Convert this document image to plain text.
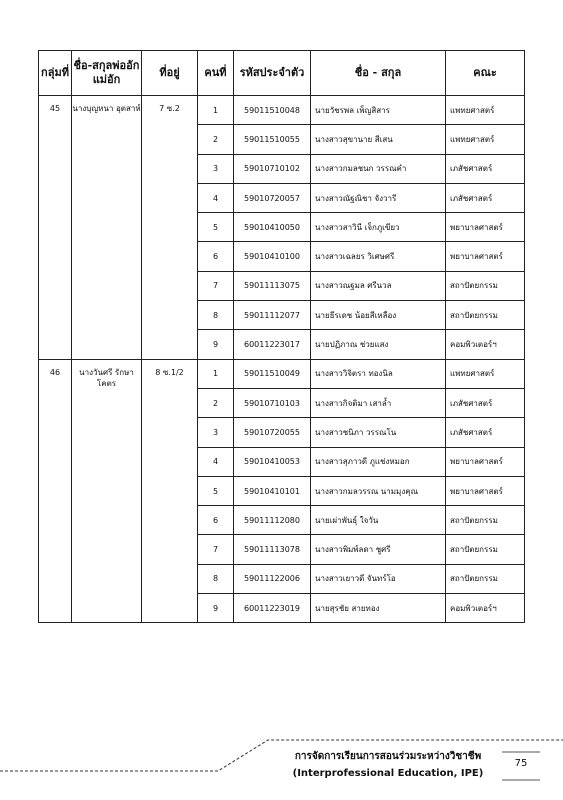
กลุ่มที่	ชื่อ-สกุลพ่ออักแม่อัก	ที่อยู่	คนที่	รหัสประจำตัว	ชื่อ - สกุล	คณะ
45	นางบุญหนา อุตสาห์	7 ซ.2	1	59011510048	นายวัชรพล เพ็ญสิสาร	แพทยศาสตร์
			2	59011510055	นางสาวสุขานาย สีเสน	แพทยศาสตร์
			3	59010710102	นางสาวกมลชนก วรรณคำ	เภสัชศาสตร์
			4	59010720057	นางสาวณัฐณิชา จังวารี	เภสัชศาสตร์
			5	59010410050	นางสาวสาวินี เจ็กภูเขียว	พยาบาลศาสตร์
			6	59010410100	นางสาวเฉลยร วิเศษศรี	พยาบาลศาสตร์
			7	59011113075	นางสาวณฐมล ศรีนวล	สถาปัตยกรรม
			8	59011112077	นายธีรเดช น้อยสีเหลือง	สถาปัตยกรรม
			9	60011223017	นายปฏิภาณ ช่วยแสง	คอมพิวเตอร์ฯ
46	นางวันศรี รักษาโคตร	8 ซ.1/2	1	59011510049	นางสาววิจิตรา ทองนิล	แพทยศาสตร์
			2	59010710103	นางสาวกิจติมา เสาล้ำ	เภสัชศาสตร์
			3	59010720055	นางสาวชนิภา วรรณโน	เภสัชศาสตร์
			4	59010410053	นางสาวสุภาวดี ภูแช่งหมอก	พยาบาลศาสตร์
			5	59010410101	นางสาวกมลวรรณ นามมุงคุณ	พยาบาลศาสตร์
			6	59011112080	นายเผ่าพันธุ์ ใจวัน	สถาปัตยกรรม
			7	59011113078	นางสาวพิมพ์ลดา ชูศรี	สถาปัตยกรรม
			8	59011122006	นางสาวเยาวดี จันทร์โอ	สถาปัตยกรรม
			9	60011223019	นายสุรชัย สายทอง	คอมพิวเตอร์ฯ
การจัดการเรียนการสอนร่วมระหว่างวิชาชีพ
(Interprofessional Education, IPE)
75
